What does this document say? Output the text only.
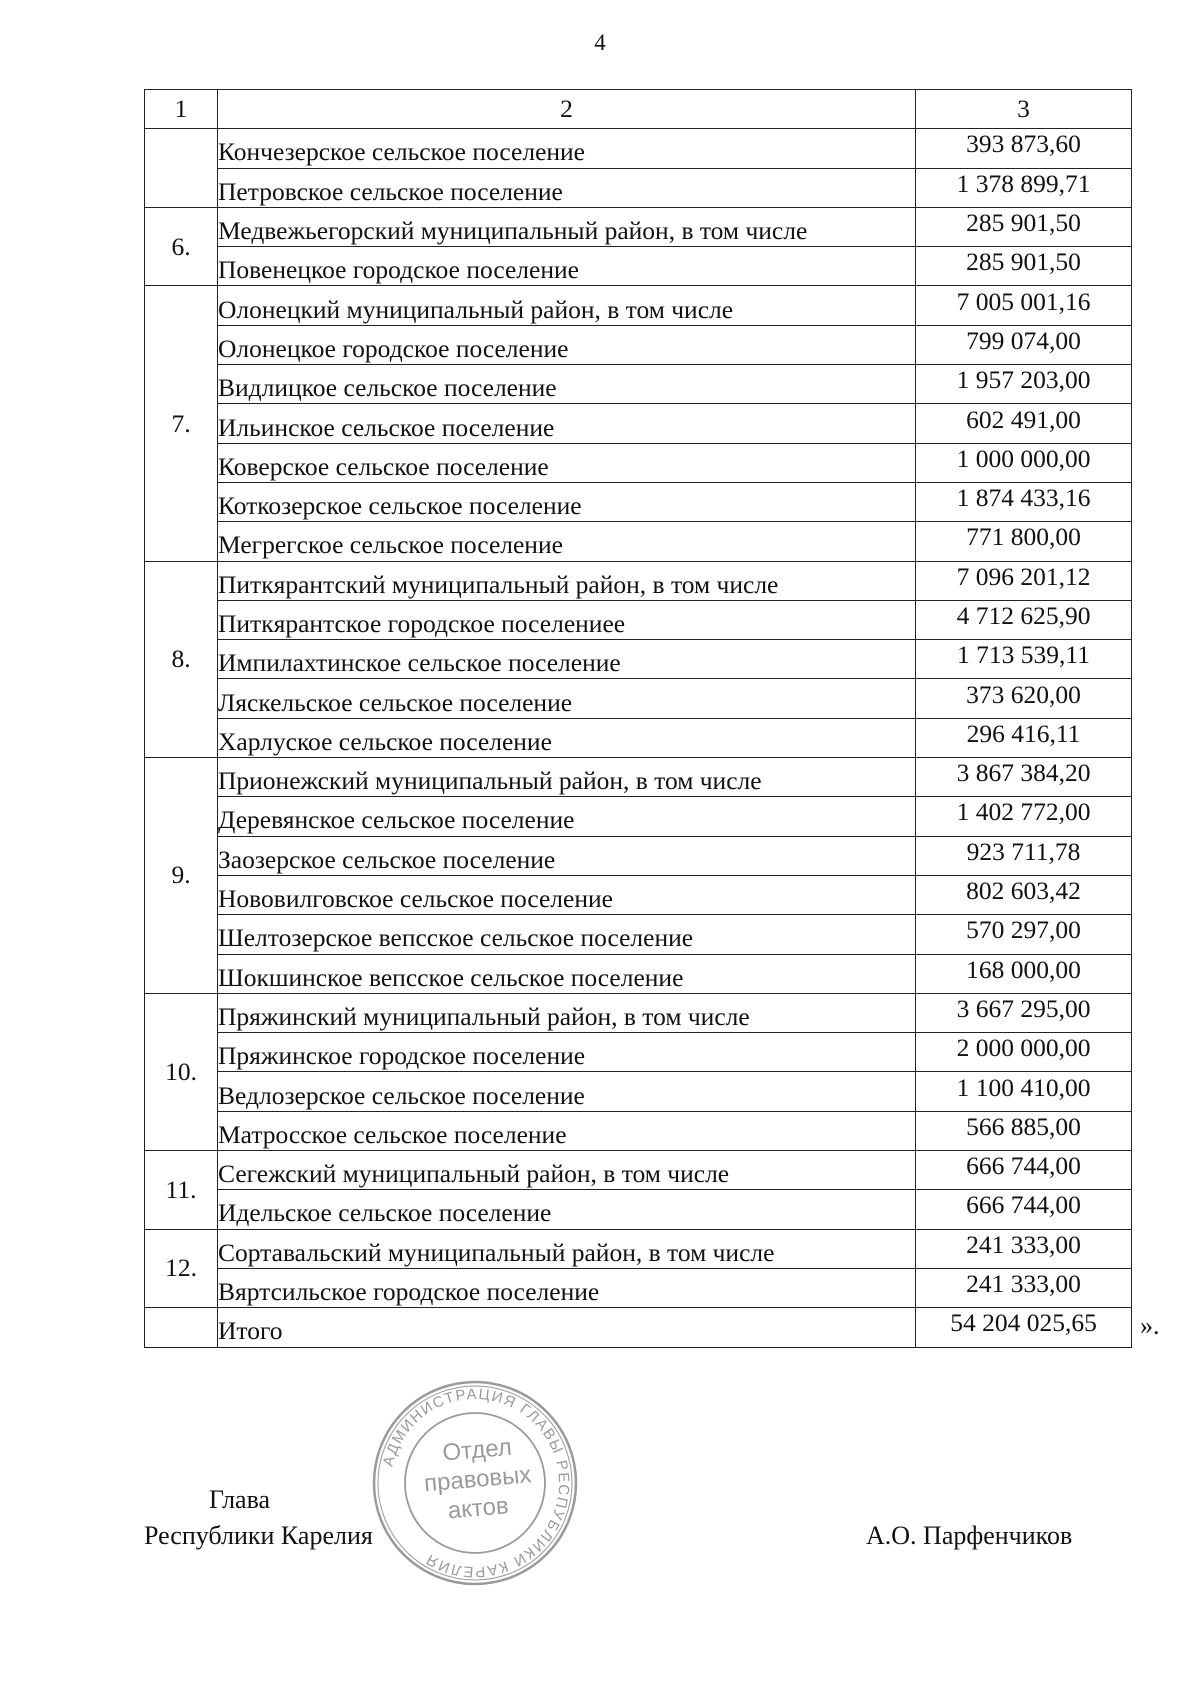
4
1	2	3
	Кончезерское сельское поселение	393 873,60
	Петровское сельское поселение	1 378 899,71
6.	Медвежьегорский муниципальный район, в том числе	285 901,50
	Повенецкое городское поселение	285 901,50
7.	Олонецкий муниципальный район, в том числе	7 005 001,16
	Олонецкое городское поселение	799 074,00
	Видлицкое сельское поселение	1 957 203,00
	Ильинское сельское поселение	602 491,00
	Коверское сельское поселение	1 000 000,00
	Коткозерское сельское поселение	1 874 433,16
	Мегрегское сельское поселение	771 800,00
8.	Питкярантский муниципальный район, в том числе	7 096 201,12
	Питкярантское городское поселениее	4 712 625,90
	Импилахтинское сельское поселение	1 713 539,11
	Ляскельское сельское поселение	373 620,00
	Харлуское сельское поселение	296 416,11
9.	Прионежский муниципальный район, в том числе	3 867 384,20
	Деревянское сельское поселение	1 402 772,00
	Заозерское сельское поселение	923 711,78
	Нововилговское сельское поселение	802 603,42
	Шелтозерское вепсское сельское поселение	570 297,00
	Шокшинское вепсское сельское поселение	168 000,00
10.	Пряжинский муниципальный район, в том числе	3 667 295,00
	Пряжинское городское поселение	2 000 000,00
	Ведлозерское сельское поселение	1 100 410,00
	Матросское сельское поселение	566 885,00
11.	Сегежский муниципальный район, в том числе	666 744,00
	Идельское сельское поселение	666 744,00
12.	Сортавальский муниципальный район, в том числе	241 333,00
	Вяртсильское городское поселение	241 333,00
	Итого	54 204 025,65 ».
АДМИНИСТРАЦИЯ ГЛАВЫ РЕСПУБЛИКИ КАРЕЛИЯ
Отдел
правовых
актов
Глава
Республики Карелия	А.О. Парфенчиков
